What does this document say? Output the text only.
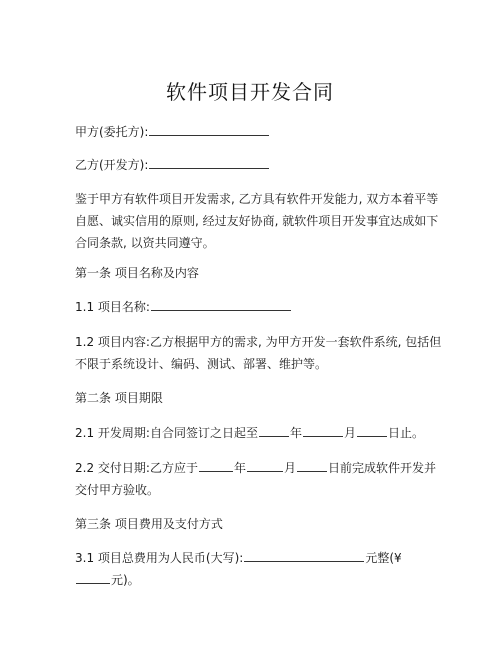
软件项目开发合同
甲方(委托方):
乙方(开发方):

鉴于甲方有软件项目开发需求, 乙方具有软件开发能力, 双方本着平等

自愿、诚实信用的原则, 经过友好协商, 就软件项目开发事宜达成如下

合同条款, 以资共同遵守。

第一条 项目名称及内容
1.1 项目名称:

1.2 项目内容:乙方根据甲方的需求, 为甲方开发一套软件系统, 包括但

不限于系统设计、编码、测试、部署、维护等。

第二条 项目期限
2.1 开发周期:自合同签订之日起至	年	月	日止。

2.2 交付日期:乙方应于	年	月	日前完成软件开发并

交付甲方验收。

第三条 项目费用及支付方式

3.1 项目总费用为人民币(大写):	元整(¥

元)。
